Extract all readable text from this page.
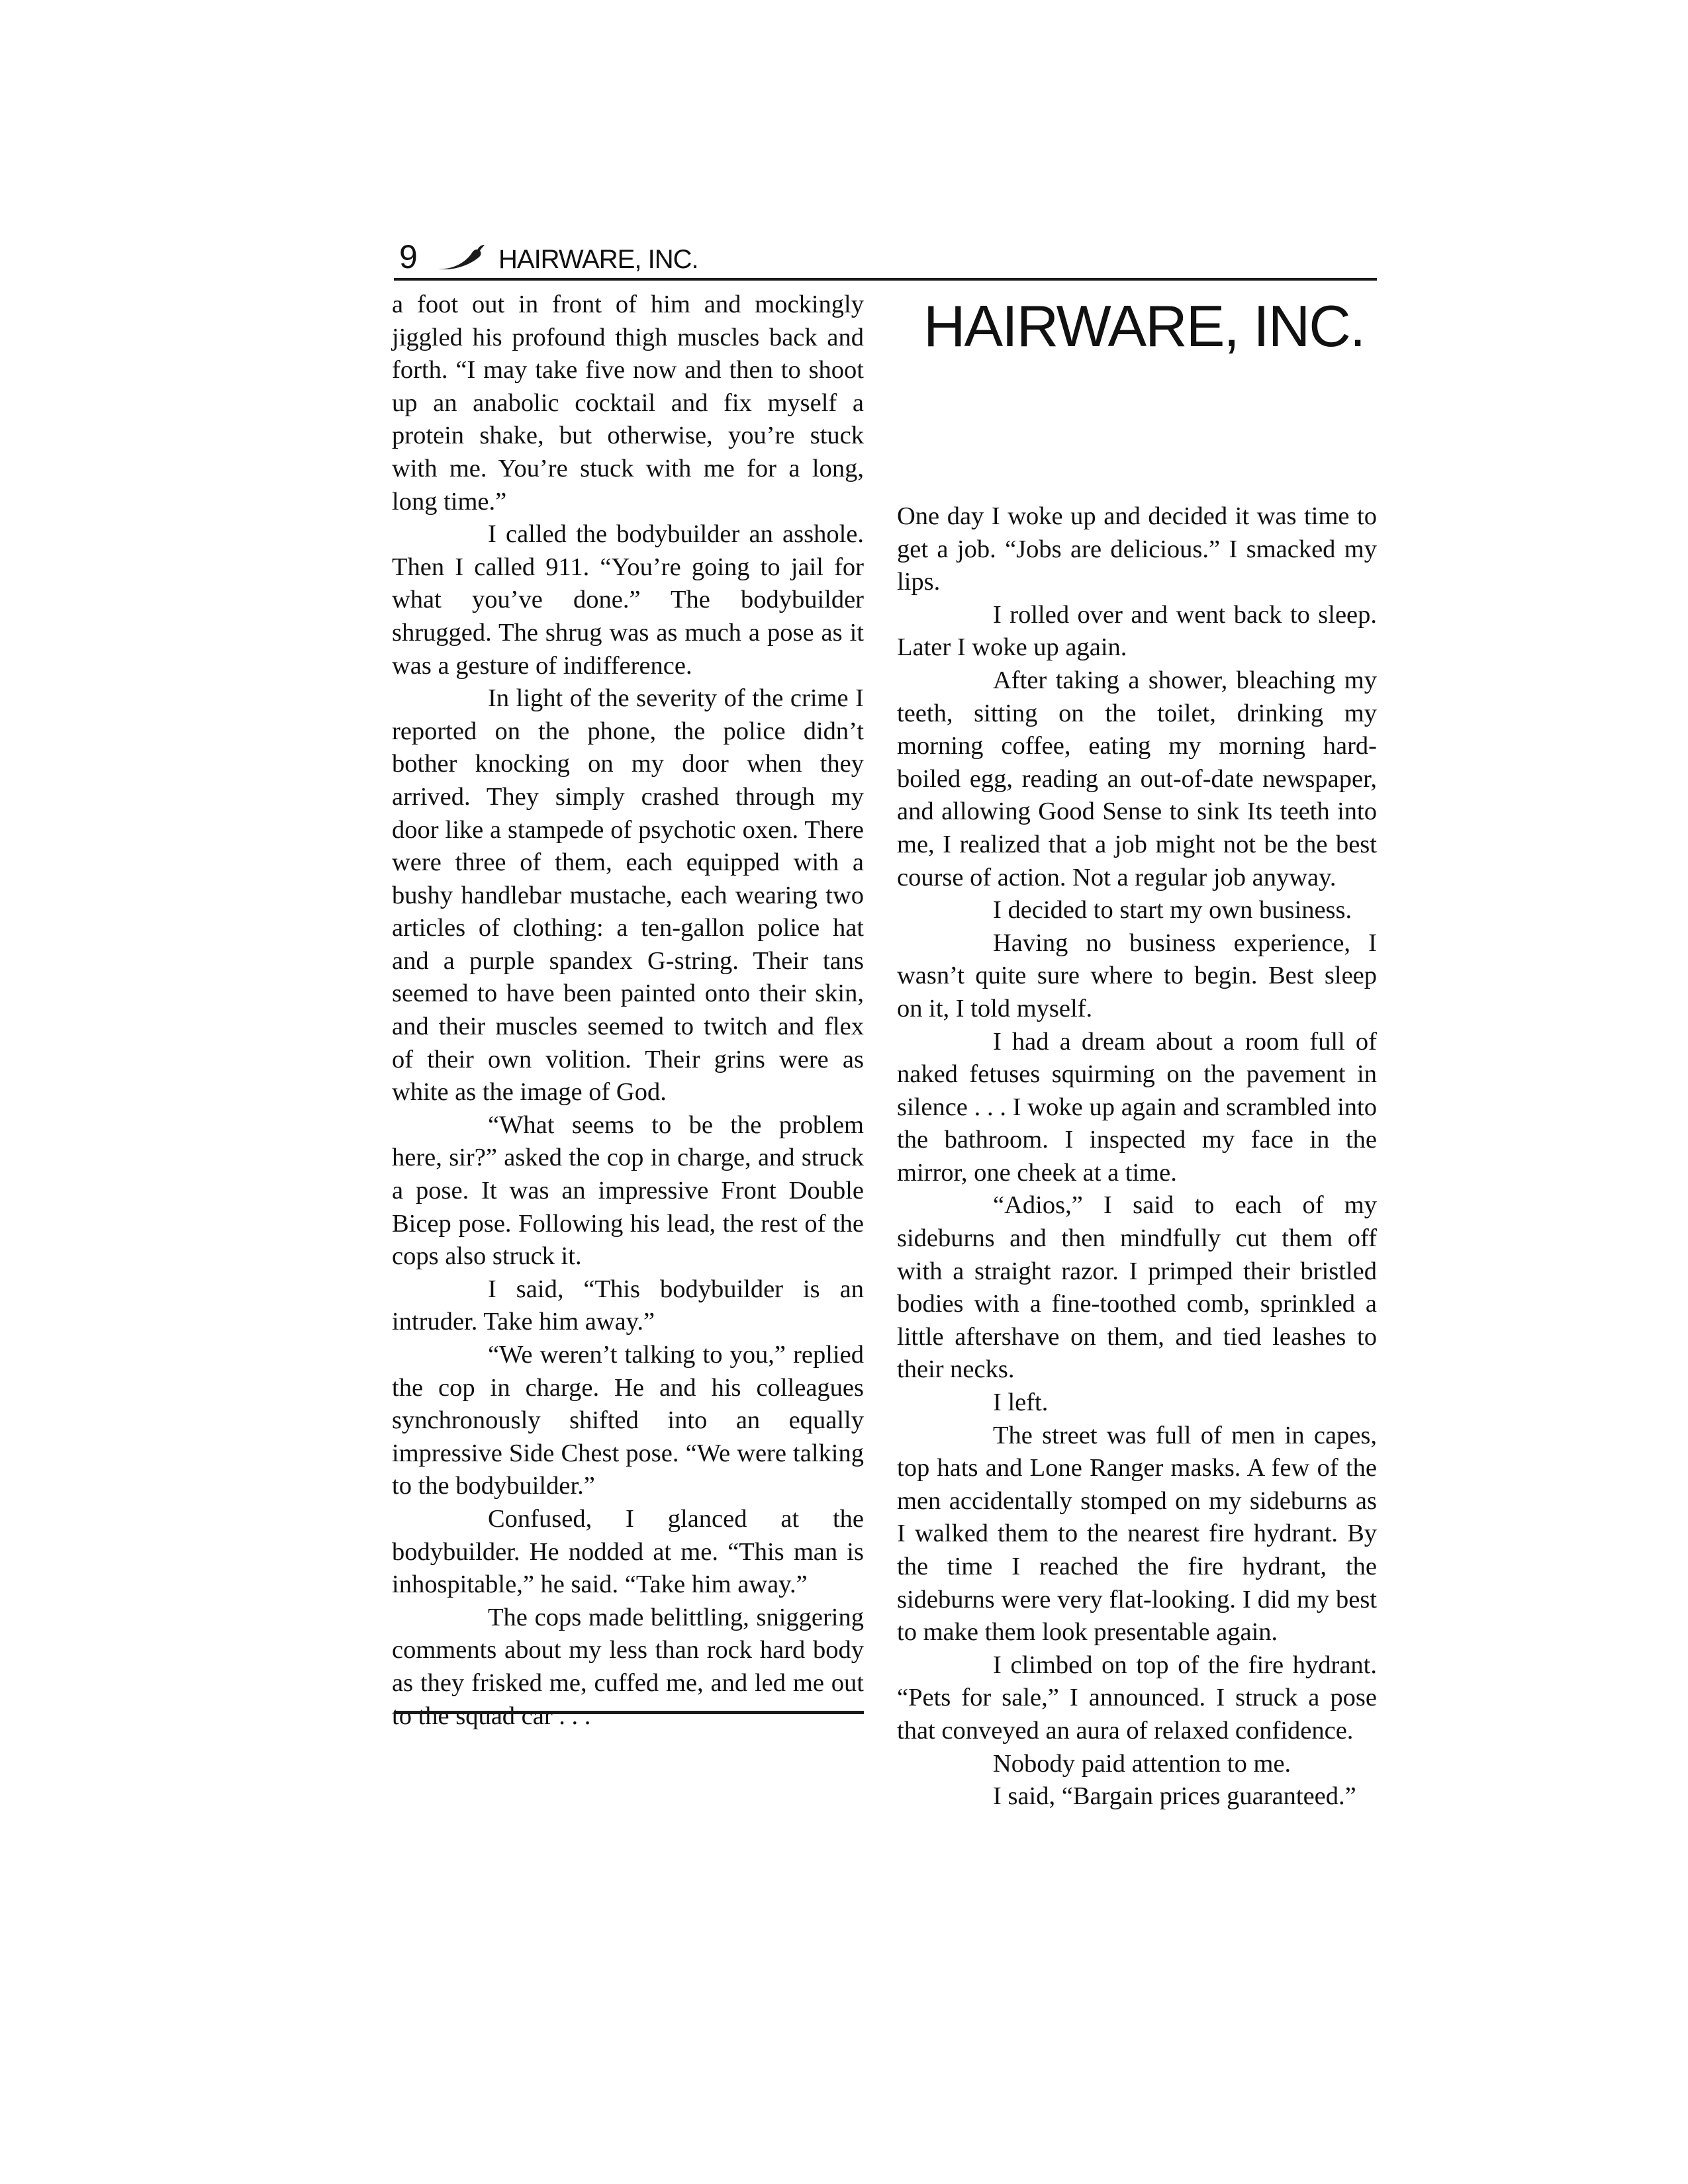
9	HAIRWARE, INC.

a foot out in front of him and mockingly jiggled his profound thigh muscles back and forth. “I may take five now and then to shoot up an anabolic cocktail and fix myself a protein shake, but otherwise, you’re stuck with me. You’re stuck with me for a long, long time.”

I called the bodybuilder an asshole. Then I called 911. “You’re going to jail for what you’ve done.” The bodybuilder shrugged. The shrug was as much a pose as it was a gesture of indifference.

In light of the severity of the crime I reported on the phone, the police didn’t bother knocking on my door when they arrived. They simply crashed through my door like a stampede of psychotic oxen. There were three of them, each equipped with a bushy handlebar mustache, each wearing two articles of clothing: a ten-gallon police hat and a purple spandex G-string. Their tans seemed to have been painted onto their skin, and their muscles seemed to twitch and flex of their own volition. Their grins were as white as the image of God.

“What seems to be the problem here, sir?” asked the cop in charge, and struck a pose. It was an impressive Front Double Bicep pose. Following his lead, the rest of the cops also struck it.

I said, “This bodybuilder is an intruder. Take him away.”

“We weren’t talking to you,” replied the cop in charge. He and his colleagues synchronously shifted into an equally impressive Side Chest pose. “We were talking to the bodybuilder.”

Confused, I glanced at the bodybuilder. He nodded at me. “This man is inhospitable,” he said. “Take him away.”

The cops made belittling, sniggering comments about my less than rock hard body as they frisked me, cuffed me, and led me out to the squad car . . .

HAIRWARE, INC.

One day I woke up and decided it was time to get a job. “Jobs are delicious.” I smacked my lips.

I rolled over and went back to sleep. Later I woke up again.

After taking a shower, bleaching my teeth, sitting on the toilet, drinking my morning coffee, eating my morning hard-boiled egg, reading an out-of-date newspaper, and allowing Good Sense to sink Its teeth into me, I realized that a job might not be the best course of action. Not a regular job anyway.

I decided to start my own business.

Having no business experience, I wasn’t quite sure where to begin. Best sleep on it, I told myself.

I had a dream about a room full of naked fetuses squirming on the pavement in silence . . . I woke up again and scrambled into the bathroom. I inspected my face in the mirror, one cheek at a time.

“Adios,” I said to each of my sideburns and then mindfully cut them off with a straight razor. I primped their bristled bodies with a fine-toothed comb, sprinkled a little aftershave on them, and tied leashes to their necks.

I left.

The street was full of men in capes, top hats and Lone Ranger masks. A few of the men accidentally stomped on my sideburns as I walked them to the nearest fire hydrant. By the time I reached the fire hydrant, the sideburns were very flat-looking. I did my best to make them look presentable again.

I climbed on top of the fire hydrant. “Pets for sale,” I announced. I struck a pose that conveyed an aura of relaxed confidence.

Nobody paid attention to me.

I said, “Bargain prices guaranteed.”
